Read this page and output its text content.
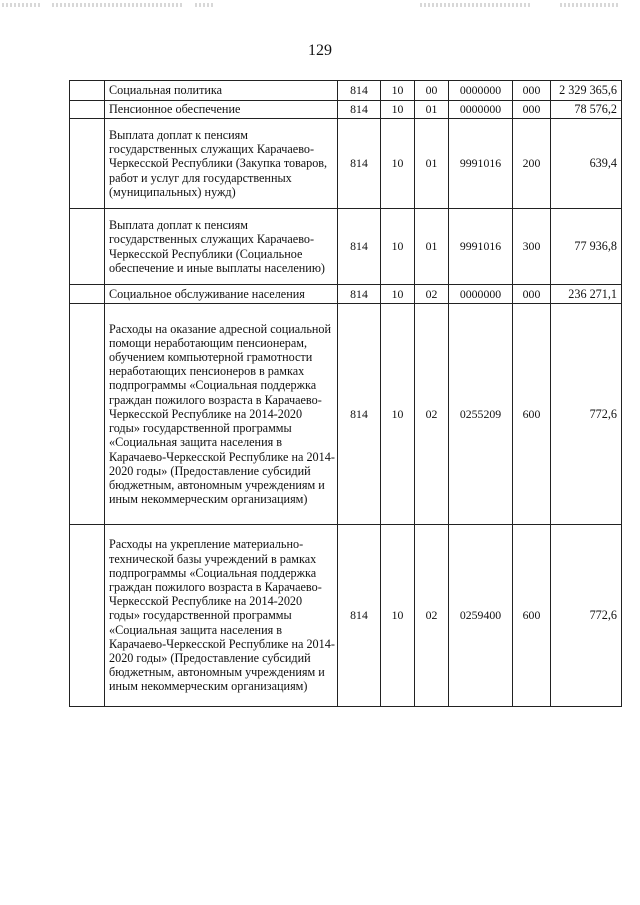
129
	Социальная политика	814	10	00	0000000	000	2 329 365,6
	Пенсионное обеспечение	814	10	01	0000000	000	78 576,2
	Выплата доплат к пенсиям государственных служащих Карачаево-Черкесской Республики (Закупка товаров, работ и услуг для государственных (муниципальных) нужд)	814	10	01	9991016	200	639,4
	Выплата доплат к пенсиям государственных служащих Карачаево-Черкесской Республики (Социальное обеспечение и иные выплаты населению)	814	10	01	9991016	300	77 936,8
	Социальное обслуживание населения	814	10	02	0000000	000	236 271,1
	Расходы на оказание адресной социальной помощи неработающим пенсионерам, обучением компьютерной грамотности неработающих пенсионеров в рамках подпрограммы «Социальная поддержка граждан пожилого возраста в Карачаево-Черкесской Республике на 2014-2020 годы» государственной программы «Социальная защита населения в Карачаево-Черкесской Республике на 2014-2020 годы» (Предоставление субсидий бюджетным, автономным учреждениям и иным некоммерческим организациям)	814	10	02	0255209	600	772,6
	Расходы на укрепление материально-технической базы учреждений в рамках подпрограммы «Социальная поддержка граждан пожилого возраста в Карачаево-Черкесской Республике на 2014-2020 годы» государственной программы «Социальная защита населения в Карачаево-Черкесской Республике на 2014-2020 годы» (Предоставление субсидий бюджетным, автономным учреждениям и иным некоммерческим организациям)	814	10	02	0259400	600	772,6
